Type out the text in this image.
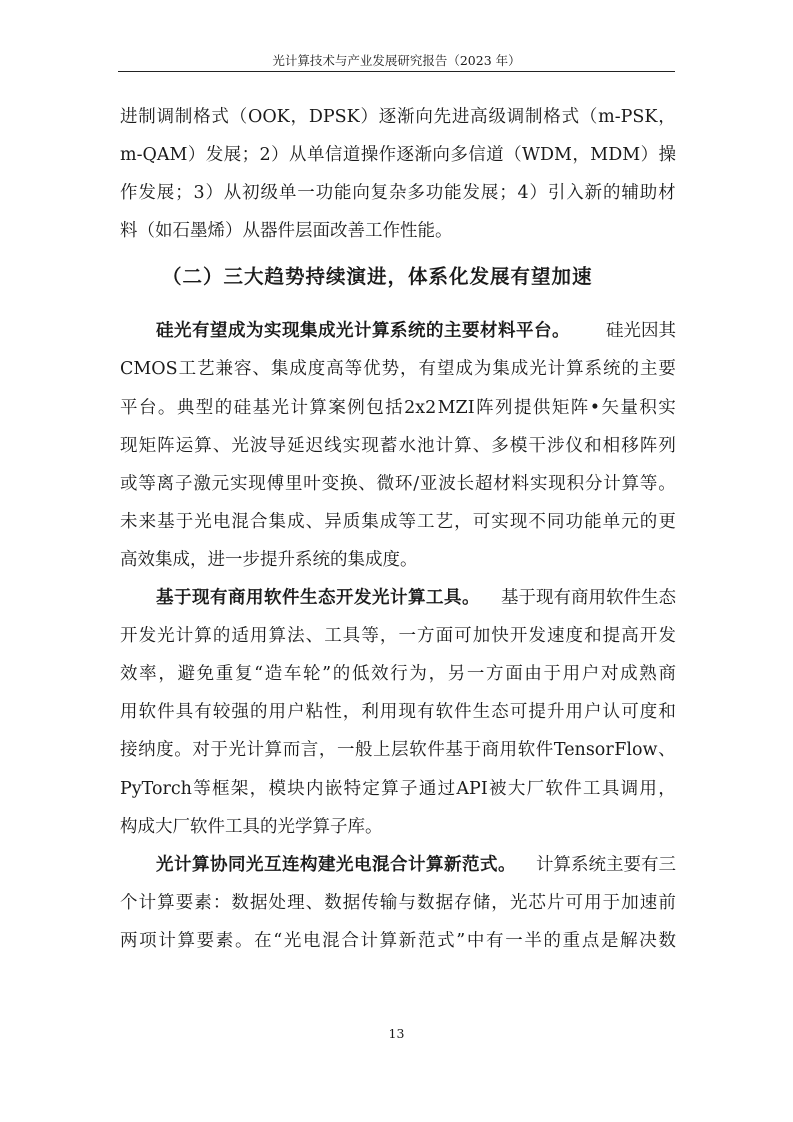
光计算技术与产业发展研究报告（2023 年）
进 制 调 制 格 式 （ OOK ， DPSK ） 逐 渐 向 先 进 高 级 调 制 格 式 （ m-PSK ，
m-QAM ） 发 展 ； 2 ） 从 单 信 道 操 作 逐 渐 向 多 信 道 （ WDM ， MDM ） 操
作 发 展 ； 3 ） 从 初 级 单 一 功 能 向 复 杂 多 功 能 发 展 ； 4 ） 引 入 新 的 辅 助 材
料（如石墨烯）从器件层面改善工作性能。
（二）三大趋势持续演进，体系化发展有望加速
硅光有望成为实现集成光计算系统的主要材料平台。 硅光因其
CMOS 工 艺 兼 容 、 集 成 度 高 等 优 势 ， 有 望 成 为 集 成 光 计 算 系 统 的 主 要
平 台 。 典 型 的 硅 基 光 计 算 案 例 包 括 2x2 MZI 阵 列 提 供 矩 阵 • 矢 量 积 实
现 矩 阵 运 算 、 光 波 导 延 迟 线 实 现 蓄 水 池 计 算 、 多 模 干 涉 仪 和 相 移 阵 列
或 等 离 子 激 元 实 现 傅 里 叶 变 换 、 微 环 / 亚 波 长 超 材 料 实 现 积 分 计 算 等 。
未 来 基 于 光 电 混 合 集 成 、 异 质 集 成 等 工 艺 ， 可 实 现 不 同 功 能 单 元 的 更
高效集成，进一步提升系统的集成度。
基于现有商用软件生态开发光计算工具。 基于现有商用软件生态
开 发 光 计 算 的 适 用 算 法 、 工 具 等 ， 一 方 面 可 加 快 开 发 速 度 和 提 高 开 发
效 率 ， 避 免 重 复 “ 造 车 轮 ” 的 低 效 行 为 ， 另 一 方 面 由 于 用 户 对 成 熟 商
用 软 件 具 有 较 强 的 用 户 粘 性 ， 利 用 现 有 软 件 生 态 可 提 升 用 户 认 可 度 和
接 纳 度 。 对 于 光 计 算 而 言 ， 一 般 上 层 软 件 基 于 商 用 软 件 Tensor Flow 、
PyTorch 等 框 架 ， 模 块 内 嵌 特 定 算 子 通 过 API 被 大 厂 软 件 工 具 调 用 ，
构成大厂软件工具的光学算子库。
光计算协同光互连构建光电混合计算新范式。 计算系统主要有三
个 计 算 要 素 ： 数 据 处 理 、 数 据 传 输 与 数 据 存 储 ， 光 芯 片 可 用 于 加 速 前
两 项 计 算 要 素 。 在 “ 光 电 混 合 计 算 新 范 式 ” 中 有 一 半 的 重 点 是 解 决 数
13
